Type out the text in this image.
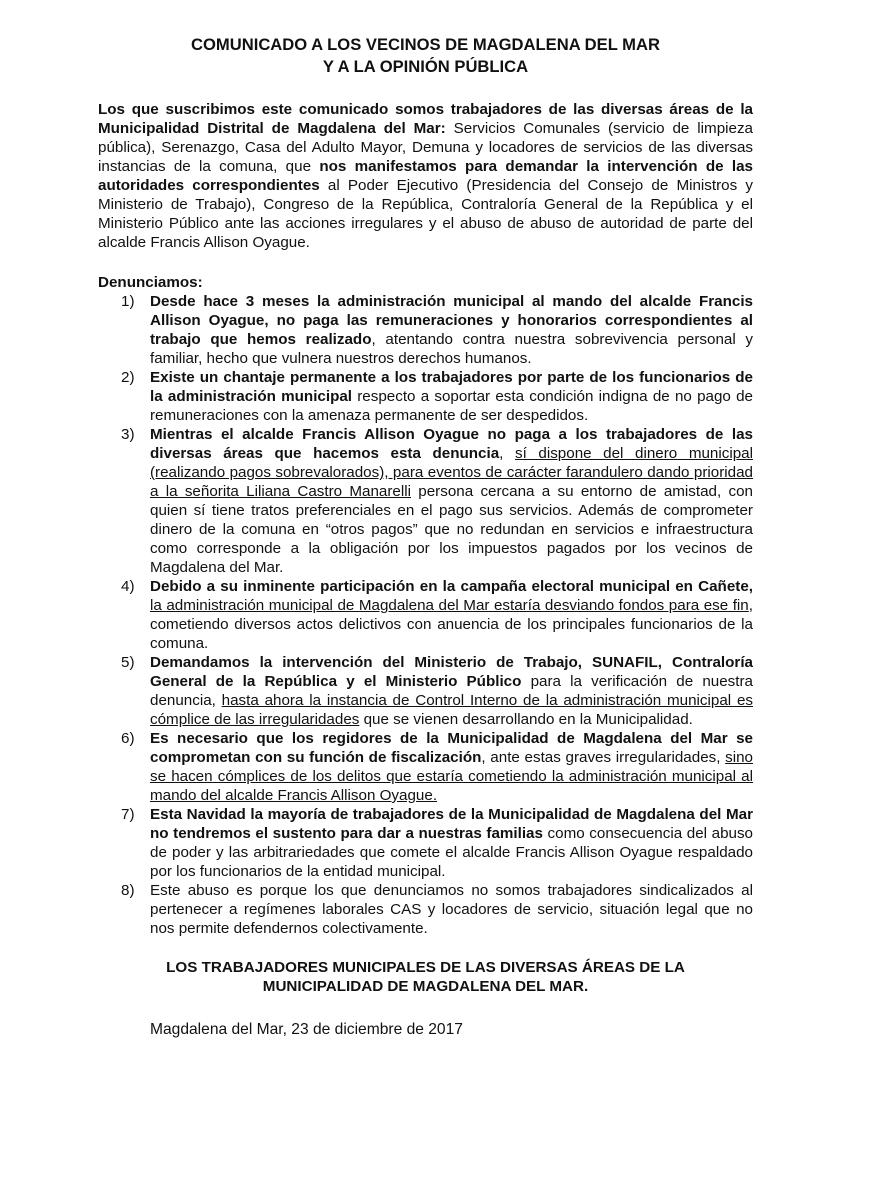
COMUNICADO A LOS VECINOS DE MAGDALENA DEL MAR
Y A LA OPINIÓN PÚBLICA

Los que suscribimos este comunicado somos trabajadores de las diversas áreas de la Municipalidad Distrital de Magdalena del Mar: Servicios Comunales (servicio de limpieza pública), Serenazgo, Casa del Adulto Mayor, Demuna y locadores de servicios de las diversas instancias de la comuna, que nos manifestamos para demandar la intervención de las autoridades correspondientes al Poder Ejecutivo (Presidencia del Consejo de Ministros y Ministerio de Trabajo), Congreso de la República, Contraloría General de la República y el Ministerio Público ante las acciones irregulares y el abuso de abuso de autoridad de parte del alcalde Francis Allison Oyague.

Denunciamos:

1) Desde hace 3 meses la administración municipal al mando del alcalde Francis Allison Oyague, no paga las remuneraciones y honorarios correspondientes al trabajo que hemos realizado, atentando contra nuestra sobrevivencia personal y familiar, hecho que vulnera nuestros derechos humanos.
2) Existe un chantaje permanente a los trabajadores por parte de los funcionarios de la administración municipal respecto a soportar esta condición indigna de no pago de remuneraciones con la amenaza permanente de ser despedidos.
3) Mientras el alcalde Francis Allison Oyague no paga a los trabajadores de las diversas áreas que hacemos esta denuncia, sí dispone del dinero municipal (realizando pagos sobrevalorados), para eventos de carácter farandulero dando prioridad a la señorita Liliana Castro Manarelli persona cercana a su entorno de amistad, con quien sí tiene tratos preferenciales en el pago sus servicios. Además de comprometer dinero de la comuna en “otros pagos” que no redundan en servicios e infraestructura como corresponde a la obligación por los impuestos pagados por los vecinos de Magdalena del Mar.
4) Debido a su inminente participación en la campaña electoral municipal en Cañete, la administración municipal de Magdalena del Mar estaría desviando fondos para ese fin, cometiendo diversos actos delictivos con anuencia de los principales funcionarios de la comuna.
5) Demandamos la intervención del Ministerio de Trabajo, SUNAFIL, Contraloría General de la República y el Ministerio Público para la verificación de nuestra denuncia, hasta ahora la instancia de Control Interno de la administración municipal es cómplice de las irregularidades que se vienen desarrollando en la Municipalidad.
6) Es necesario que los regidores de la Municipalidad de Magdalena del Mar se comprometan con su función de fiscalización, ante estas graves irregularidades, sino se hacen cómplices de los delitos que estaría cometiendo la administración municipal al mando del alcalde Francis Allison Oyague.
7) Esta Navidad la mayoría de trabajadores de la Municipalidad de Magdalena del Mar no tendremos el sustento para dar a nuestras familias como consecuencia del abuso de poder y las arbitrariedades que comete el alcalde Francis Allison Oyague respaldado por los funcionarios de la entidad municipal.
8) Este abuso es porque los que denunciamos no somos trabajadores sindicalizados al pertenecer a regímenes laborales CAS y locadores de servicio, situación legal que no nos permite defendernos colectivamente.

LOS TRABAJADORES MUNICIPALES DE LAS DIVERSAS ÁREAS DE LA
MUNICIPALIDAD DE MAGDALENA DEL MAR.

Magdalena del Mar, 23 de diciembre de 2017
